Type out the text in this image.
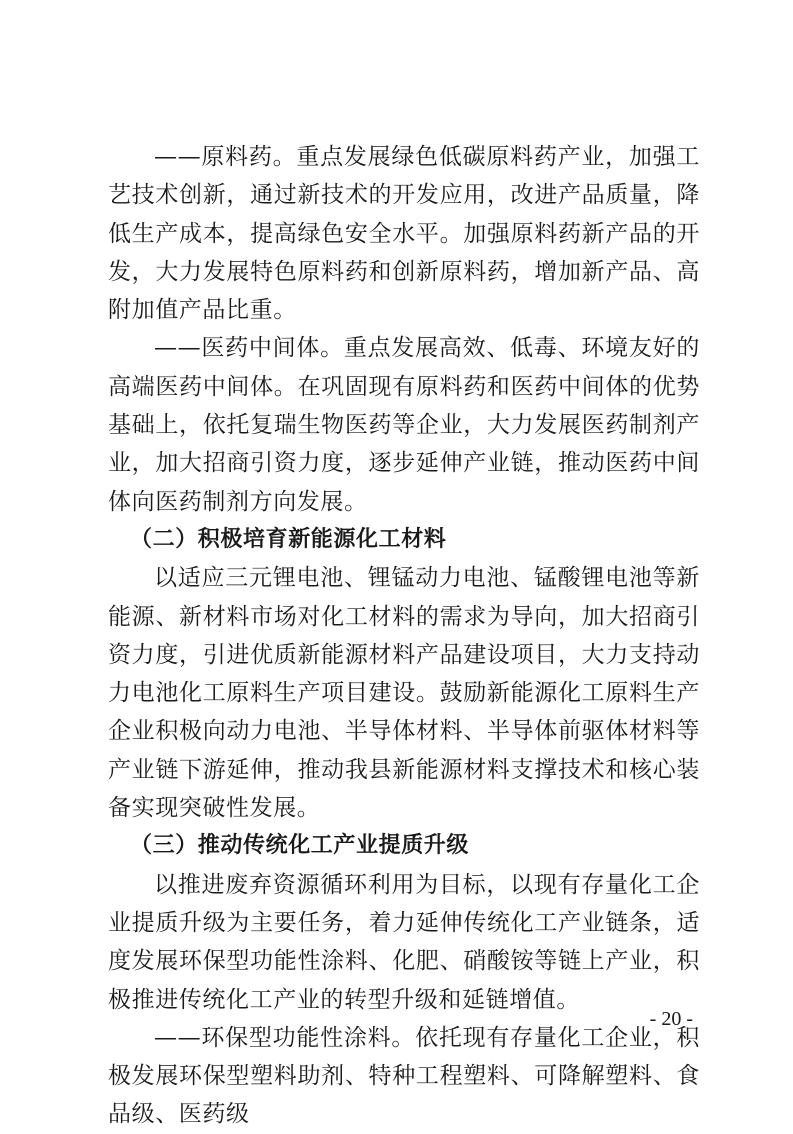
——原料药。重点发展绿色低碳原料药产业，加强工艺技术创新，通过新技术的开发应用，改进产品质量，降低生产成本，提高绿色安全水平。加强原料药新产品的开发，大力发展特色原料药和创新原料药，增加新产品、高附加值产品比重。

——医药中间体。重点发展高效、低毒、环境友好的高端医药中间体。在巩固现有原料药和医药中间体的优势基础上，依托复瑞生物医药等企业，大力发展医药制剂产业，加大招商引资力度，逐步延伸产业链，推动医药中间体向医药制剂方向发展。

（二）积极培育新能源化工材料

以适应三元锂电池、锂锰动力电池、锰酸锂电池等新能源、新材料市场对化工材料的需求为导向，加大招商引资力度，引进优质新能源材料产品建设项目，大力支持动力电池化工原料生产项目建设。鼓励新能源化工原料生产企业积极向动力电池、半导体材料、半导体前驱体材料等产业链下游延伸，推动我县新能源材料支撑技术和核心装备实现突破性发展。

（三）推动传统化工产业提质升级

以推进废弃资源循环利用为目标，以现有存量化工企业提质升级为主要任务，着力延伸传统化工产业链条，适度发展环保型功能性涂料、化肥、硝酸铵等链上产业，积极推进传统化工产业的转型升级和延链增值。

——环保型功能性涂料。依托现有存量化工企业，积极发展环保型塑料助剂、特种工程塑料、可降解塑料、食品级、医药级

- 20 -
